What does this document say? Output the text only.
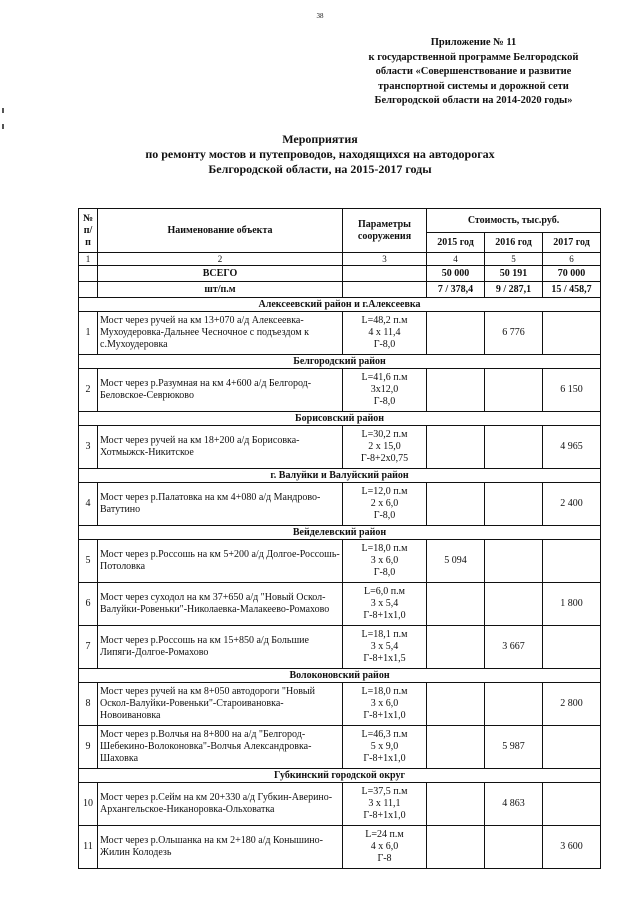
38
Приложение № 11
к государственной программе Белгородской
области «Совершенствование и развитие
транспортной системы и дорожной сети
Белгородской области на 2014-2020 годы»
Мероприятия
по ремонту мостов и путепроводов, находящихся на автодорогах
Белгородской области, на 2015-2017 годы
№ п/п	Наименование объекта	Параметры сооружения	Стоимость, тыс.руб.		
			2015 год	2016 год	2017 год
1	2	3	4	5	6
	ВСЕГО		50 000	50 191	70 000
	шт/п.м		7 / 378,4	9 / 287,1	15 / 458,7
Алексеевский район и г.Алексеевка					
1	Мост через ручей на км 13+070 а/д Алексеевка-Мухоудеровка-Дальнее Чесночное с подъездом к с.Мухоудеровка	L=48,2 п.м
4 х 11,4
Г-8,0		6 776	
Белгородский район					
2	Мост через р.Разумная на км 4+600 а/д Белгород-Беловское-Севрюково	L=41,6 п.м
3х12,0
Г-8,0			6 150
Борисовский район					
3	Мост через ручей на км 18+200 а/д Борисовка-Хотмыжск-Никитское	L=30,2 п.м
2 х 15,0
Г-8+2х0,75			4 965
г. Валуйки и Валуйский район					
4	Мост через р.Палатовка на км 4+080 а/д Мандрово-Ватутино	L=12,0 п.м
2 х 6,0
Г-8,0			2 400
Вейделевский район					
5	Мост через р.Россошь на км 5+200 а/д Долгое-Россошь-Потоловка	L=18,0 п.м
3 х 6,0
Г-8,0	5 094		
6	Мост через суходол на км 37+650 а/д "Новый Оскол-Валуйки-Ровеньки"-Николаевка-Малакеево-Ромахово	L=6,0 п.м
3 х 5,4
Г-8+1х1,0			1 800
7	Мост через р.Россошь на км 15+850 а/д Большие Липяги-Долгое-Ромахово	L=18,1 п.м
3 х 5,4
Г-8+1х1,5		3 667	
Волоконовский район					
8	Мост через ручей на км 8+050 автодороги "Новый Оскол-Валуйки-Ровеньки"-Староивановка-Новоивановка	L=18,0 п.м
3 х 6,0
Г-8+1х1,0			2 800
9	Мост через р.Волчья на 8+800 на а/д "Белгород-Шебекино-Волоконовка"-Волчья Александровка-Шаховка	L=46,3 п.м
5 х 9,0
Г-8+1х1,0		5 987	
Губкинский городской округ					
10	Мост через р.Сейм на км 20+330 а/д Губкин-Аверино-Архангельское-Никаноровка-Ольховатка	L=37,5 п.м
3 х 11,1
Г-8+1х1,0		4 863	
11	Мост через р.Ольшанка на км 2+180 а/д Конышино-Жилин Колодезь	L=24 п.м
4 х 6,0
Г-8			3 600
